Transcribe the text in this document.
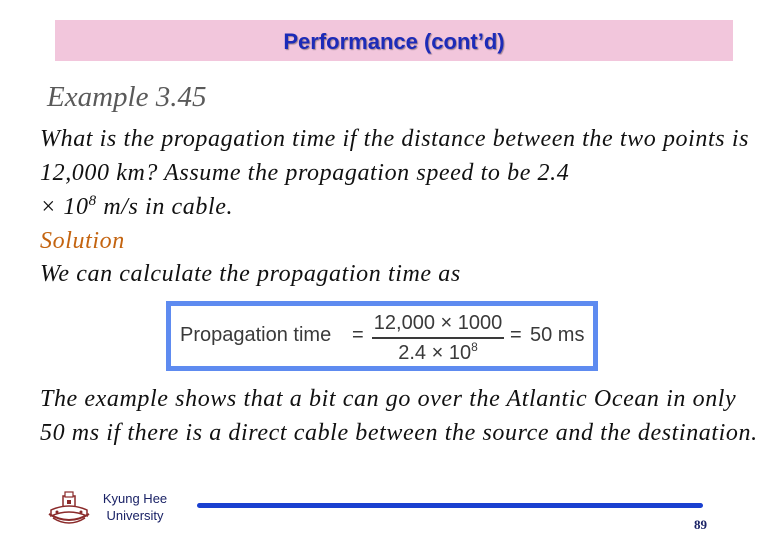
Performance (cont’d)
Example 3.45
What is the propagation time if the distance between the two points is 12,000 km? Assume the propagation speed to be 2.4
× $10^8$ m/s in cable.
Solution
We can calculate the propagation time as
Propagation time =
12,000 × 1000
$2.4 \times 10^8$
= 50 ms
The example shows that a bit can go over the Atlantic Ocean in only 50 ms if there is a direct cable between the source and the destination.
Kyung Hee University
89
